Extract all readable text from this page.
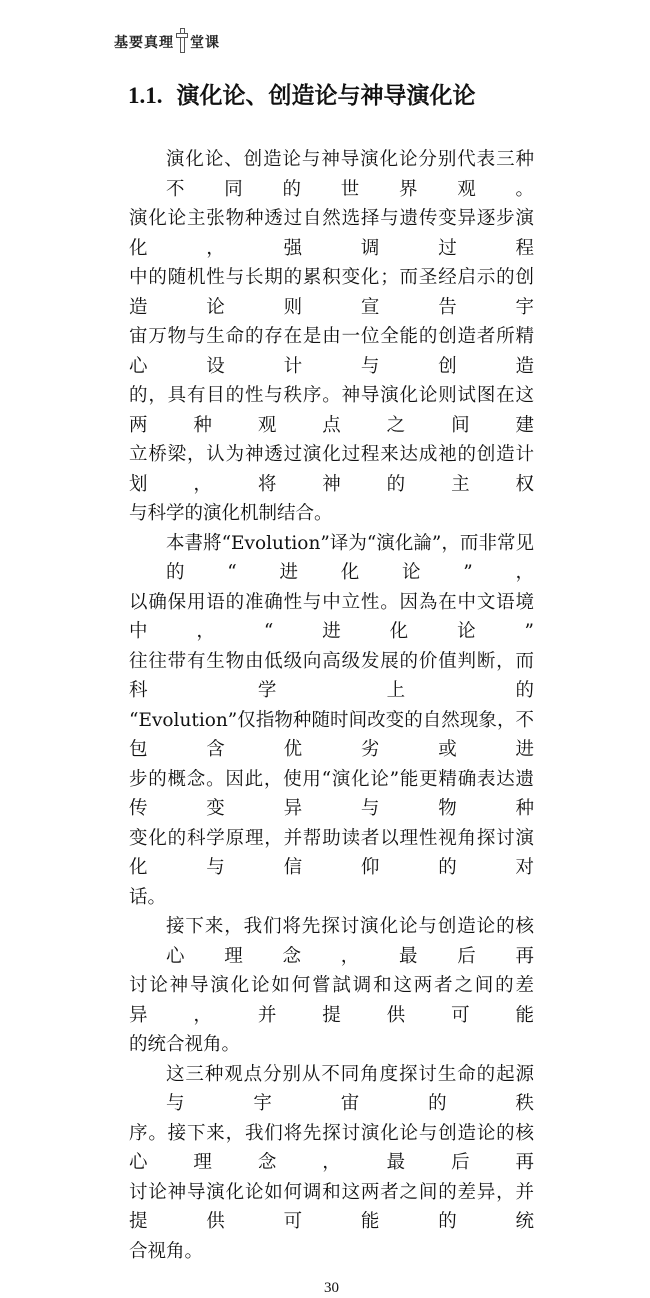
基要真理 堂课
1.1. 演化论、创造论与神导演化论
演化论、创造论与神导演化论分别代表三种不同的世界观。
演化论主张物种透过自然选择与遗传变异逐步演化，强调过程
中的随机性与长期的累积变化；而圣经启示的创造论则宣告宇
宙万物与生命的存在是由一位全能的创造者所精心设计与创造
的，具有目的性与秩序。神导演化论则试图在这两种观点之间建
立桥梁，认为神透过演化过程来达成祂的创造计划，将神的主权
与科学的演化机制结合。
本書將“Evolution”译为“演化論”，而非常见的“进化论”，
以确保用语的准确性与中立性。因為在中文语境中，“进化论”
往往带有生物由低级向高级发展的价值判断，而科学上的
“Evolution”仅指物种随时间改变的自然现象，不包含优劣或进
步的概念。因此，使用“演化论”能更精确表达遗传变异与物种
变化的科学原理，并帮助读者以理性视角探讨演化与信仰的对
话。
接下来，我们将先探讨演化论与创造论的核心理念，最后再
讨论神导演化论如何嘗試调和这两者之间的差异，并提供可能
的统合视角。
这三种观点分别从不同角度探讨生命的起源与宇宙的秩
序。接下来，我们将先探讨演化论与创造论的核心理念，最后再
讨论神导演化论如何调和这两者之间的差异，并提供可能的统
合视角。
30
